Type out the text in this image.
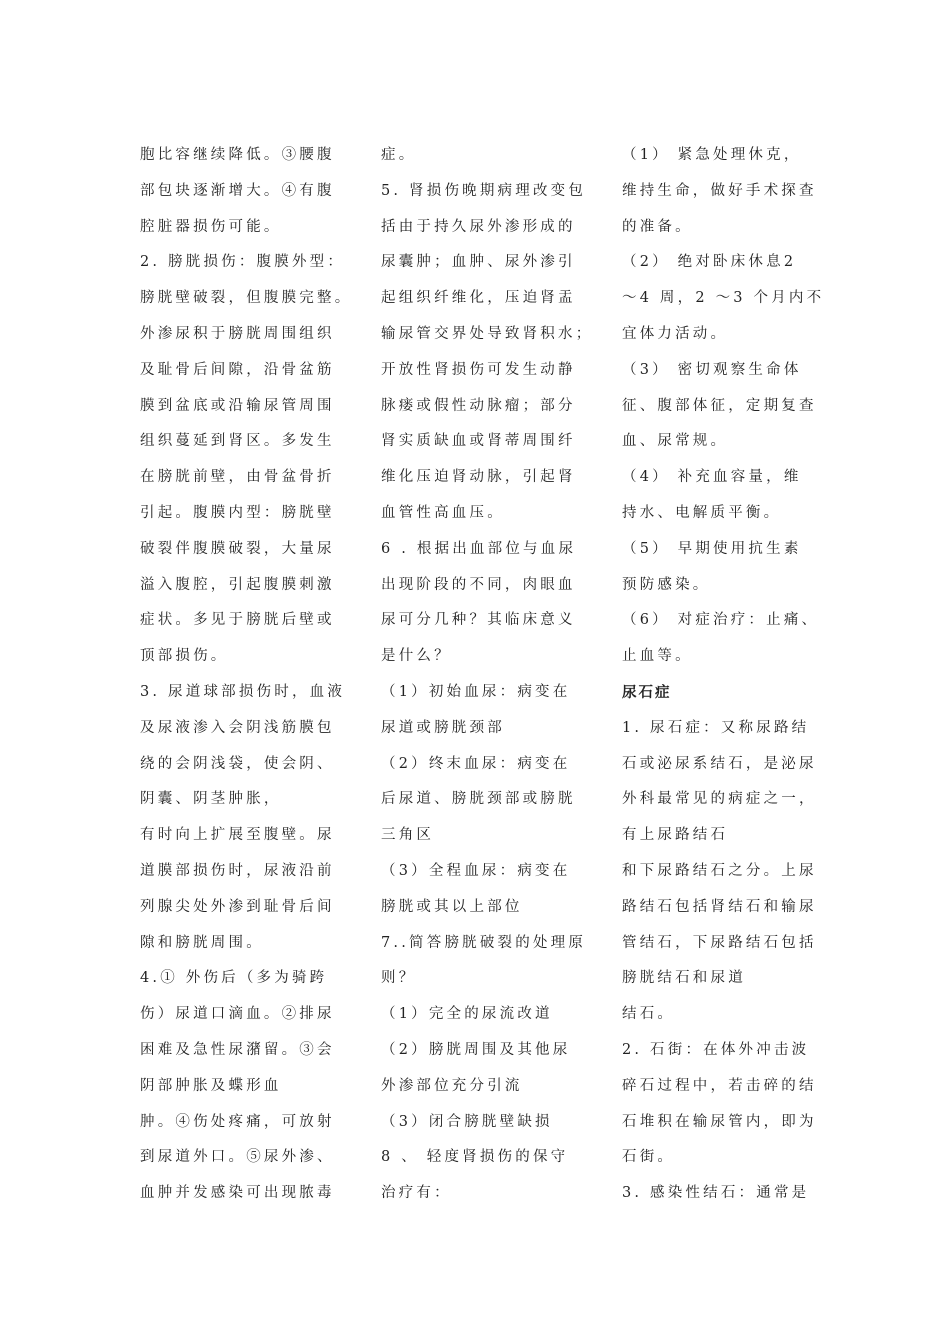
胞比容继续降低。③腰腹
部包块逐渐增大。④有腹
腔脏器损伤可能。
2. 膀胱损伤：腹膜外型：
膀胱壁破裂，但腹膜完整。
外渗尿积于膀胱周围组织
及耻骨后间隙，沿骨盆筋
膜到盆底或沿输尿管周围
组织蔓延到肾区。多发生
在膀胱前壁，由骨盆骨折
引起。腹膜内型：膀胱壁
破裂伴腹膜破裂，大量尿
溢入腹腔，引起腹膜刺激
症状。多见于膀胱后壁或
顶部损伤。
3. 尿道球部损伤时，血液
及尿液渗入会阴浅筋膜包
绕的会阴浅袋，使会阴、
阴囊、阴茎肿胀，
有时向上扩展至腹壁。尿
道膜部损伤时，尿液沿前
列腺尖处外渗到耻骨后间
隙和膀胱周围。
4.① 外伤后（多为骑跨
伤）尿道口滴血。②排尿
困难及急性尿潴留。③会
阴部肿胀及蝶形血
肿。④伤处疼痛，可放射
到尿道外口。⑤尿外渗、
血肿并发感染可出现脓毒
症。
5. 肾损伤晚期病理改变包
括由于持久尿外渗形成的
尿囊肿；血肿、尿外渗引
起组织纤维化，压迫肾盂
输尿管交界处导致肾积水；
开放性肾损伤可发生动静
脉瘘或假性动脉瘤；部分
肾实质缺血或肾蒂周围纤
维化压迫肾动脉，引起肾
血管性高血压。
6 . 根据出血部位与血尿
出现阶段的不同，肉眼血
尿可分几种？其临床意义
是什么？
（1）初始血尿：病变在
尿道或膀胱颈部
（2）终末血尿：病变在
后尿道、膀胱颈部或膀胱
三角区
（3）全程血尿：病变在
膀胱或其以上部位
7..简答膀胱破裂的处理原
则？
（1）完全的尿流改道
（2）膀胱周围及其他尿
外渗部位充分引流
（3）闭合膀胱壁缺损
8 、 轻度肾损伤的保守
治疗有：
（1） 紧急处理休克，
维持生命，做好手术探查
的准备。
（2） 绝对卧床休息2
～4 周，2 ～3 个月内不
宜体力活动。
（3） 密切观察生命体
征、腹部体征，定期复查
血、尿常规。
（4） 补充血容量，维
持水、电解质平衡。
（5） 早期使用抗生素
预防感染。
（6） 对症治疗：止痛、
止血等。
尿石症
1. 尿石症：又称尿路结
石或泌尿系结石，是泌尿
外科最常见的病症之一，
有上尿路结石
和下尿路结石之分。上尿
路结石包括肾结石和输尿
管结石，下尿路结石包括
膀胱结石和尿道
结石。
2. 石街：在体外冲击波
碎石过程中，若击碎的结
石堆积在输尿管内，即为
石街。
3. 感染性结石：通常是
